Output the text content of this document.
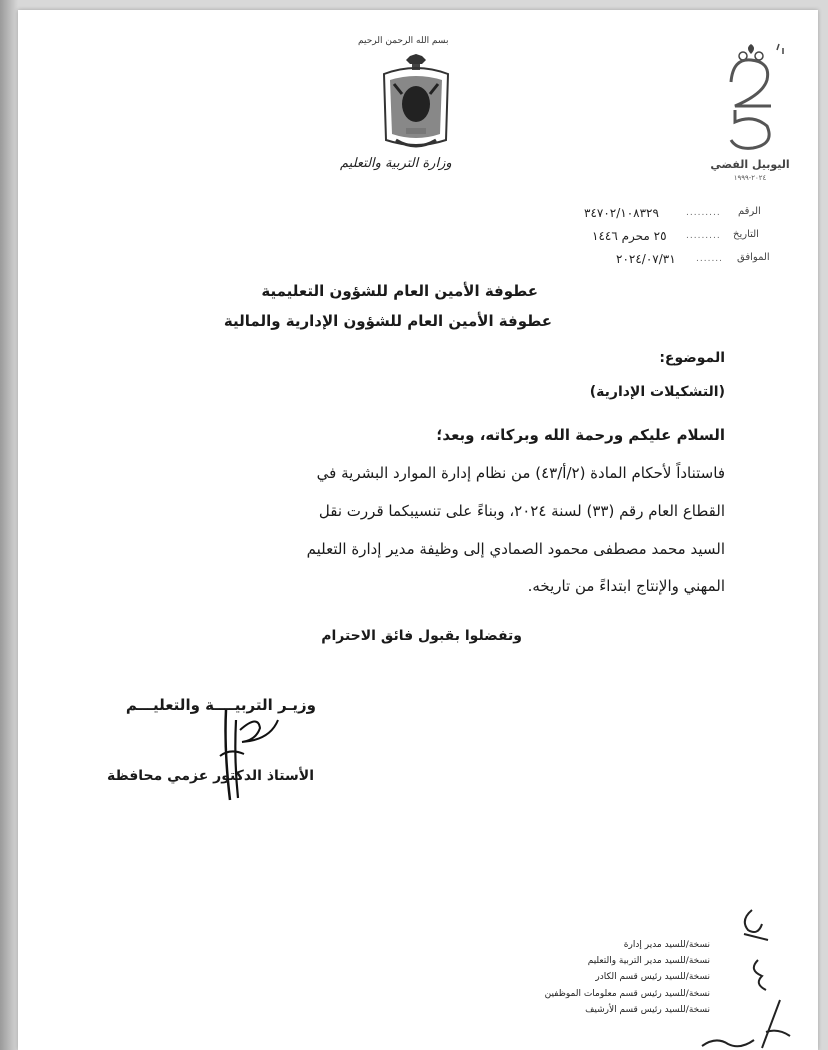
بسم الله الرحمن الرحيم
وزارة التربية والتعليم	اليوبيل الفضي
٢٠٢٤-١٩٩٩
الرقم
.........
٣٤٧٠٢/١٠٨٣٢٩
التاريخ
.........
٢٥ محرم ١٤٤٦
الموافق
.......
٢٠٢٤/٠٧/٣١
عطوفة الأمين العام للشؤون التعليمية
عطوفة الأمين العام للشؤون الإدارية والمالية
الموضوع:
(التشكيلات الإدارية)
السلام عليكم ورحمة الله وبركاته، وبعد؛
فاستناداً لأحكام المادة (٢/أ/٤٣) من نظام إدارة الموارد البشرية في
القطاع العام رقم (٣٣) لسنة ٢٠٢٤، وبناءً على تنسيبكما قررت نقل
السيد محمد مصطفى محمود الصمادي إلى وظيفة مدير إدارة التعليم
المهني والإنتاج ابتداءً من تاريخه.
وتفضلوا بقبول فائق الاحترام
وزيـر التربيــــة والتعليـــم
الأستاذ الدكتور عزمي محافظة
نسخة/للسيد مدير إدارة
نسخة/للسيد مدير التربية والتعليم
نسخة/للسيد رئيس قسم الكادر
نسخة/للسيد رئيس قسم معلومات الموظفين
نسخة/للسيد رئيس قسم الأرشيف
